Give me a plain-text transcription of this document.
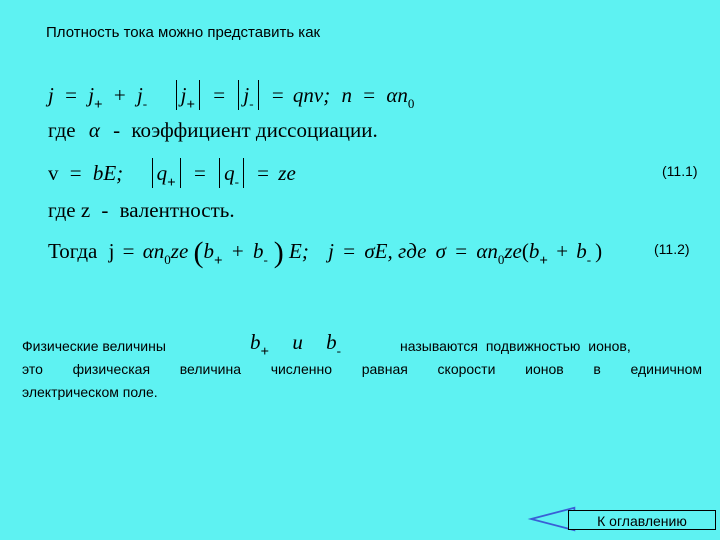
Плотность тока можно представить как
$j = j_+ + j_-$ $j_+ = j_-$ = qnv; $n = \alpha n_0$
где α - коэффициент диссоциации.
v = bE; $q_+ = q_-$ = ze	(11.1)
где z - валентность.
Тогда $j = \alpha n_0ze$ ($b_+ + b_-$ ) E; j = σE, где $\sigma = \alpha n_0ze(b_+ + b_-$ )	(11.2)
Физические величины	$b_+$ и $b_-$	называются подвижностью ионов,
это физическая величина численно равная скорости ионов в единичном
электрическом поле.
К оглавлению
